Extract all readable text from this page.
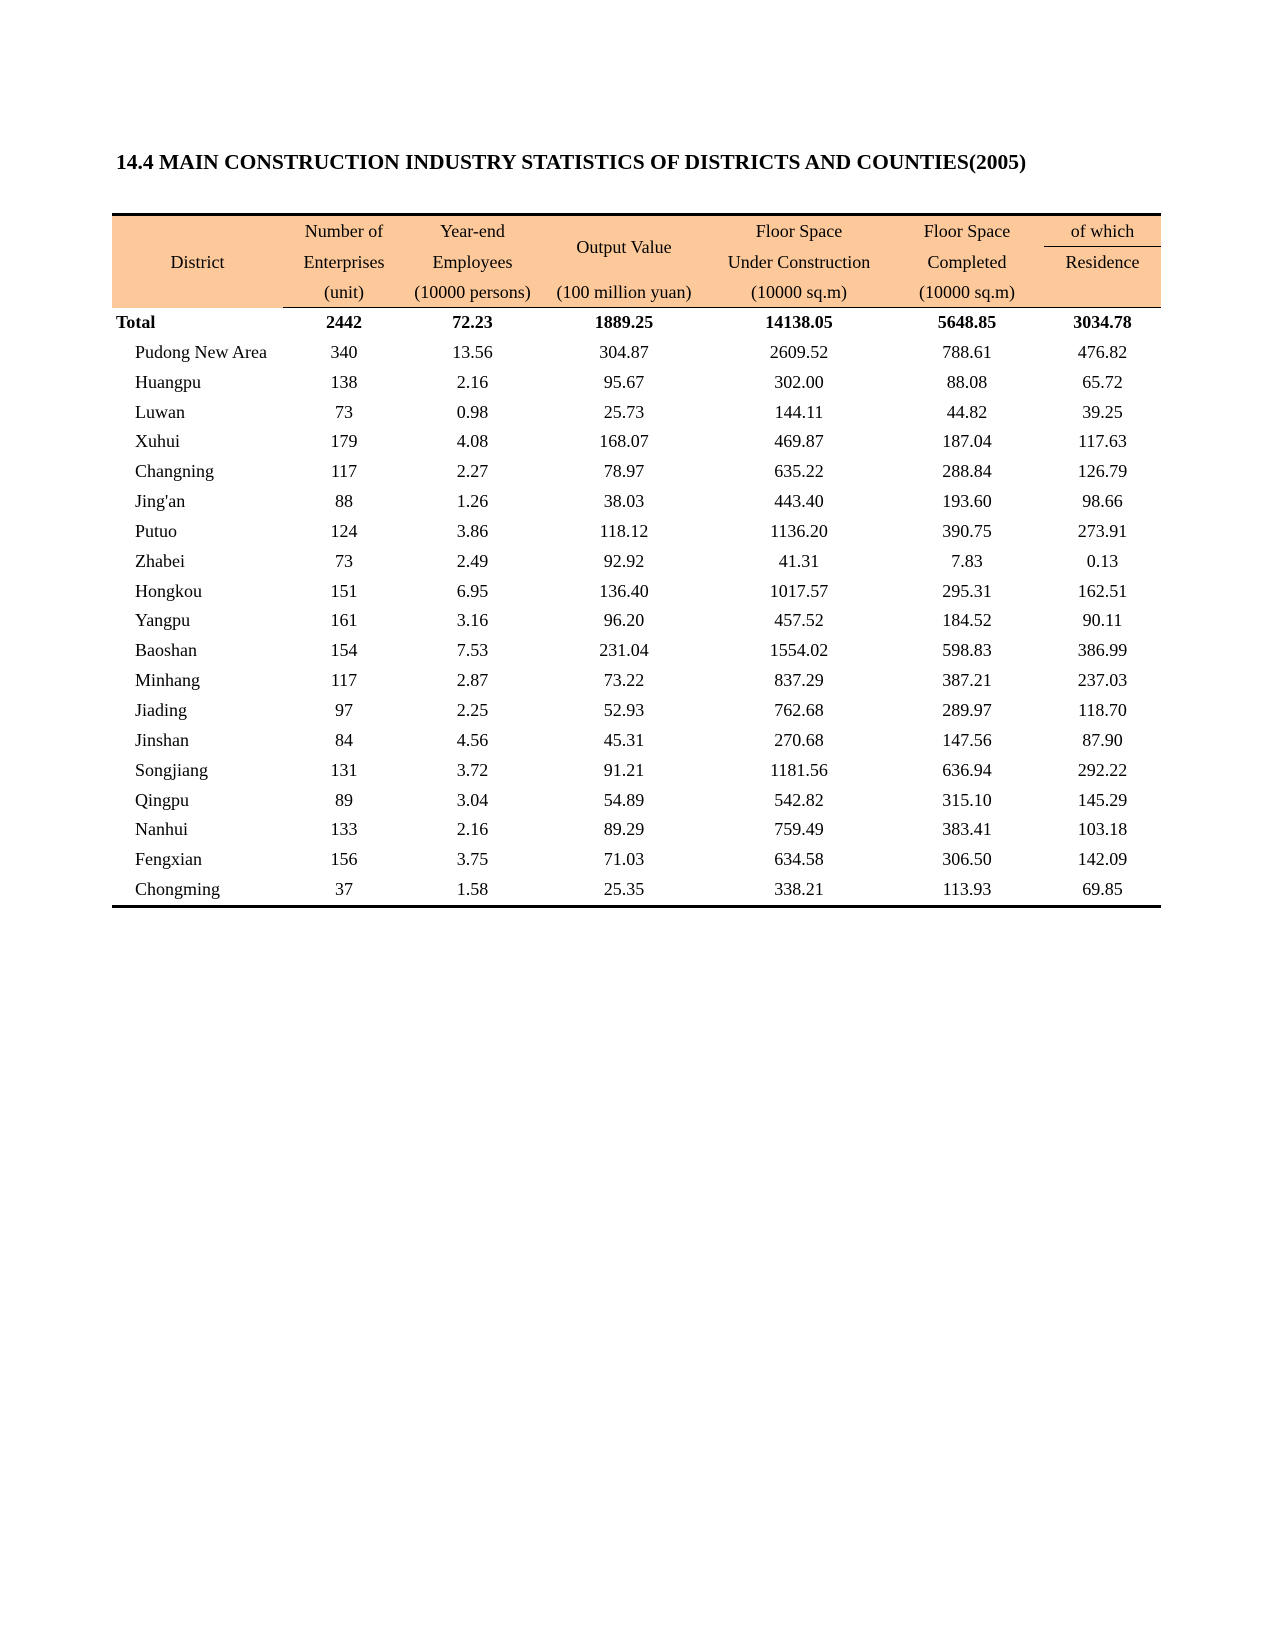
14.4 MAIN CONSTRUCTION INDUSTRY STATISTICS OF DISTRICTS AND COUNTIES(2005)
District	Number of	Year-end	Output Value	Floor Space	Floor Space	of which
	Enterprises	Employees		Under Construction	Completed	Residence
	(unit)	(10000 persons)	(100 million yuan)	(10000 sq.m)	(10000 sq.m)	
Total	2442	72.23	1889.25	14138.05	5648.85	3034.78
Pudong New Area	340	13.56	304.87	2609.52	788.61	476.82
Huangpu	138	2.16	95.67	302.00	88.08	65.72
Luwan	73	0.98	25.73	144.11	44.82	39.25
Xuhui	179	4.08	168.07	469.87	187.04	117.63
Changning	117	2.27	78.97	635.22	288.84	126.79
Jing'an	88	1.26	38.03	443.40	193.60	98.66
Putuo	124	3.86	118.12	1136.20	390.75	273.91
Zhabei	73	2.49	92.92	41.31	7.83	0.13
Hongkou	151	6.95	136.40	1017.57	295.31	162.51
Yangpu	161	3.16	96.20	457.52	184.52	90.11
Baoshan	154	7.53	231.04	1554.02	598.83	386.99
Minhang	117	2.87	73.22	837.29	387.21	237.03
Jiading	97	2.25	52.93	762.68	289.97	118.70
Jinshan	84	4.56	45.31	270.68	147.56	87.90
Songjiang	131	3.72	91.21	1181.56	636.94	292.22
Qingpu	89	3.04	54.89	542.82	315.10	145.29
Nanhui	133	2.16	89.29	759.49	383.41	103.18
Fengxian	156	3.75	71.03	634.58	306.50	142.09
Chongming	37	1.58	25.35	338.21	113.93	69.85
